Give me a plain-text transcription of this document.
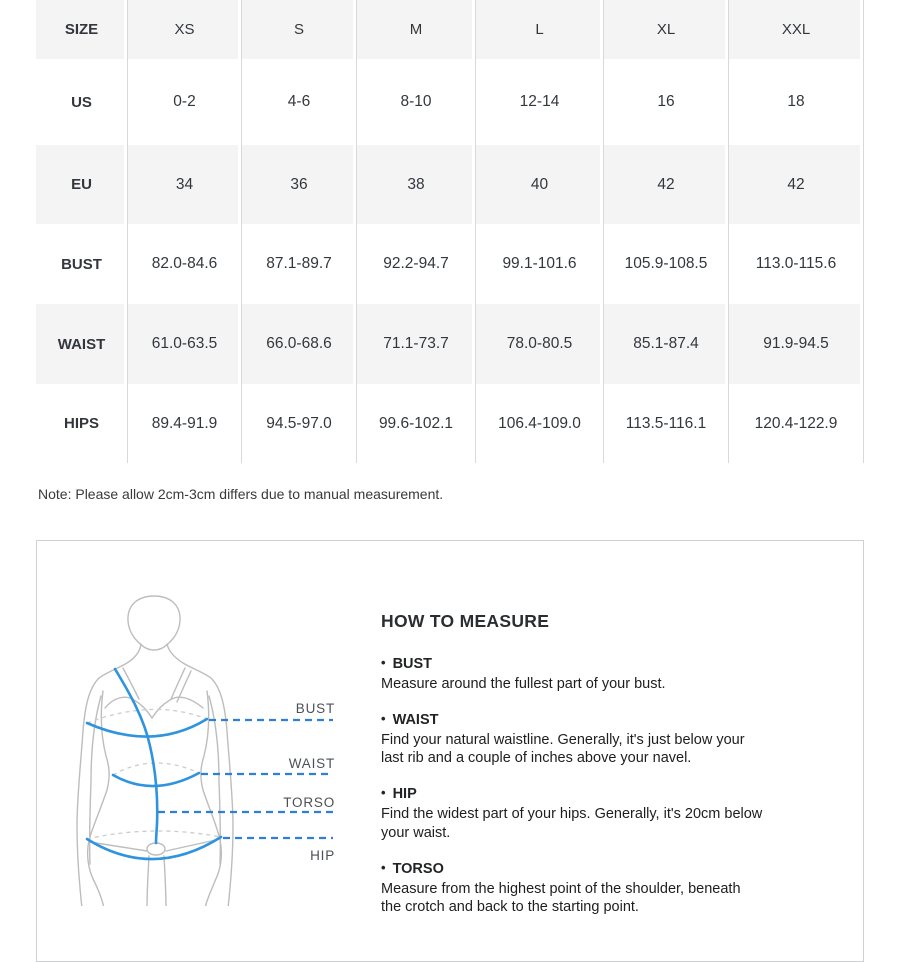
SIZE	XS	S	M	L	XL	XXL
US	0-2	4-6	8-10	12-14	16	18
EU	34	36	38	40	42	42
BUST	82.0-84.6	87.1-89.7	92.2-94.7	99.1-101.6	105.9-108.5	113.0-115.6
WAIST	61.0-63.5	66.0-68.6	71.1-73.7	78.0-80.5	85.1-87.4	91.9-94.5
HIPS	89.4-91.9	94.5-97.0	99.6-102.1	106.4-109.0	113.5-116.1	120.4-122.9
Note: Please allow 2cm-3cm differs due to manual measurement.
BUST
WAIST
TORSO
HIP
HOW TO MEASURE
• BUST

Measure around the fullest part of your bust.

• WAIST

Find your natural waistline. Generally, it's just below your
last rib and a couple of inches above your navel.

• HIP

Find the widest part of your hips. Generally, it's 20cm below
your waist.

• TORSO

Measure from the highest point of the shoulder, beneath
the crotch and back to the starting point.
